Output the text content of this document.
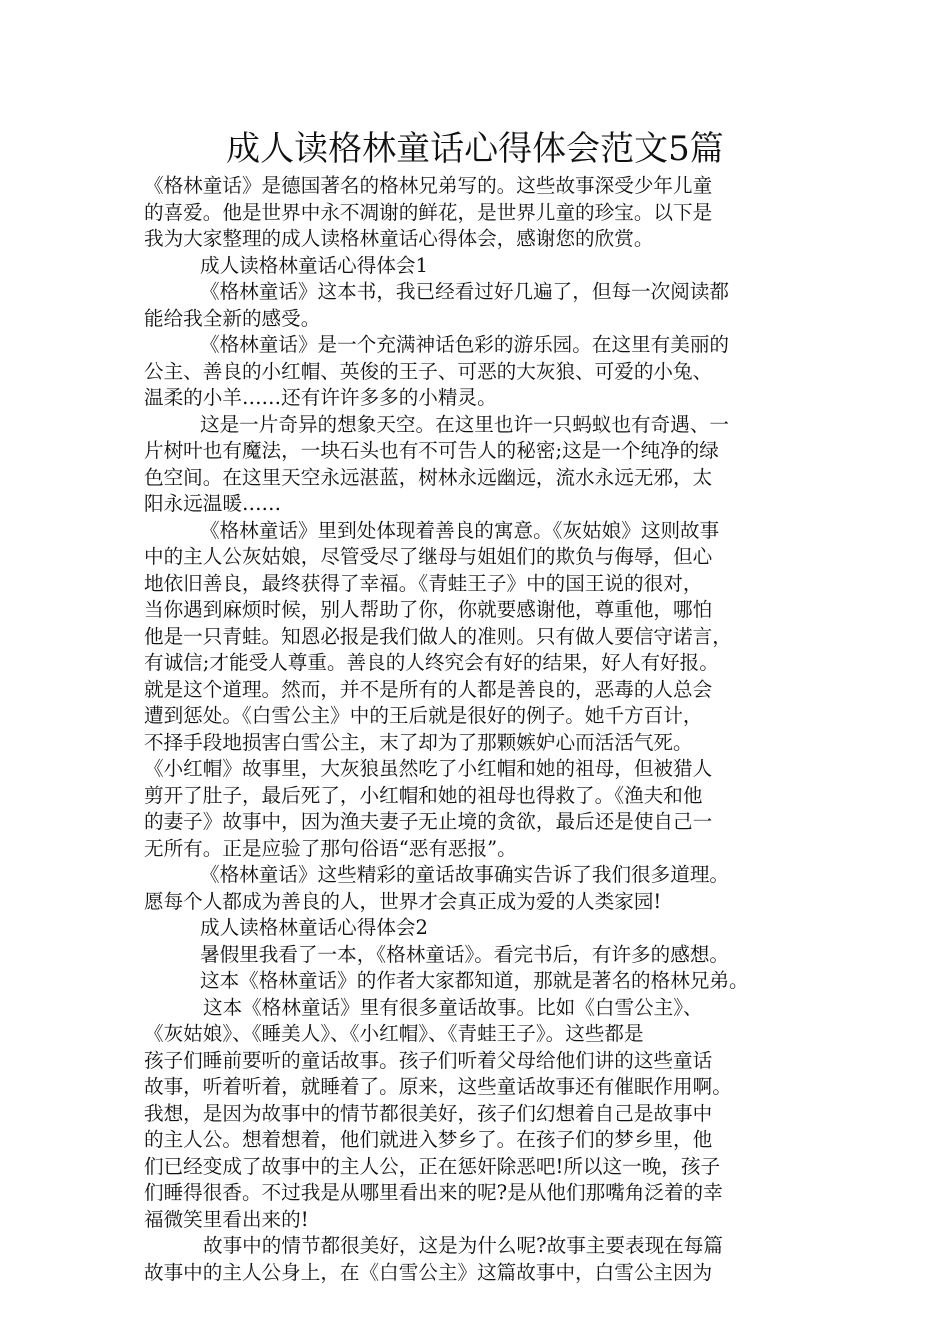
成人读格林童话心得体会范文5篇
《格林童话》是德国著名的格林兄弟写的。这些故事深受少年儿童
的喜爱。他是世界中永不凋谢的鲜花，是世界儿童的珍宝。以下是
我为大家整理的成人读格林童话心得体会，感谢您的欣赏。
成人读格林童话心得体会1
《格林童话》这本书，我已经看过好几遍了，但每一次阅读都
能给我全新的感受。
《格林童话》是一个充满神话色彩的游乐园。在这里有美丽的
公主、善良的小红帽、英俊的王子、可恶的大灰狼、可爱的小兔、
温柔的小羊……还有许许多多的小精灵。
这是一片奇异的想象天空。在这里也许一只蚂蚁也有奇遇、一
片树叶也有魔法，一块石头也有不可告人的秘密;这是一个纯净的绿
色空间。在这里天空永远湛蓝，树林永远幽远，流水永远无邪，太
阳永远温暖……
《格林童话》里到处体现着善良的寓意。《灰姑娘》这则故事
中的主人公灰姑娘，尽管受尽了继母与姐姐们的欺负与侮辱，但心
地依旧善良，最终获得了幸福。《青蛙王子》中的国王说的很对，
当你遇到麻烦时候，别人帮助了你，你就要感谢他，尊重他，哪怕
他是一只青蛙。知恩必报是我们做人的准则。只有做人要信守诺言，
有诚信;才能受人尊重。善良的人终究会有好的结果，好人有好报。
就是这个道理。然而，并不是所有的人都是善良的，恶毒的人总会
遭到惩处。《白雪公主》中的王后就是很好的例子。她千方百计，
不择手段地损害白雪公主，末了却为了那颗嫉妒心而活活气死。
《小红帽》故事里，大灰狼虽然吃了小红帽和她的祖母，但被猎人
剪开了肚子，最后死了，小红帽和她的祖母也得救了。《渔夫和他
的妻子》故事中，因为渔夫妻子无止境的贪欲，最后还是使自己一
无所有。正是应验了那句俗语“恶有恶报”。
《格林童话》这些精彩的童话故事确实告诉了我们很多道理。
愿每个人都成为善良的人，世界才会真正成为爱的人类家园!
成人读格林童话心得体会2
暑假里我看了一本，《格林童话》。看完书后，有许多的感想。
这本《格林童话》的作者大家都知道，那就是著名的格林兄弟。
这本《格林童话》里有很多童话故事。比如《白雪公主》、
《灰姑娘》、《睡美人》、《小红帽》、《青蛙王子》。这些都是
孩子们睡前要听的童话故事。孩子们听着父母给他们讲的这些童话
故事，听着听着，就睡着了。原来，这些童话故事还有催眠作用啊。
我想，是因为故事中的情节都很美好，孩子们幻想着自己是故事中
的主人公。想着想着，他们就进入梦乡了。在孩子们的梦乡里，他
们已经变成了故事中的主人公，正在惩奸除恶吧!所以这一晚，孩子
们睡得很香。不过我是从哪里看出来的呢?是从他们那嘴角泛着的幸
福微笑里看出来的!
故事中的情节都很美好，这是为什么呢?故事主要表现在每篇
故事中的主人公身上，在《白雪公主》这篇故事中，白雪公主因为
